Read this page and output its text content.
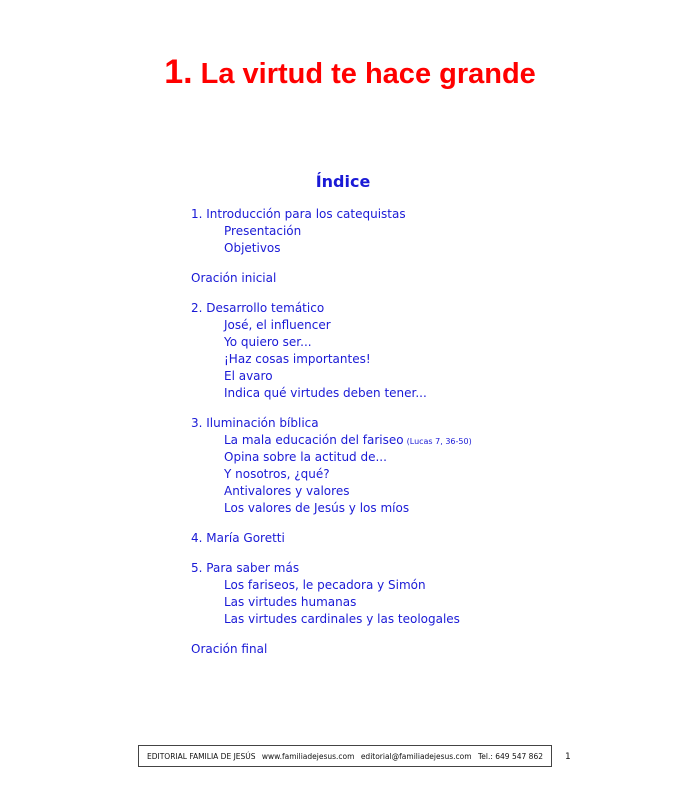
1. La virtud te hace grande
Índice
1. Introducción para los catequistas
Presentación
Objetivos
Oración inicial
2. Desarrollo temático
José, el influencer
Yo quiero ser...
¡Haz cosas importantes!
El avaro
Indica qué virtudes deben tener...
3. Iluminación bíblica
La mala educación del fariseo (Lucas 7, 36-50)
Opina sobre la actitud de...
Y nosotros, ¿qué?
Antivalores y valores
Los valores de Jesús y los míos
4. María Goretti
5. Para saber más
Los fariseos, le pecadora y Simón
Las virtudes humanas
Las virtudes cardinales y las teologales
Oración final
EDITORIAL FAMILIA DE JESÚS www.familiadejesus.com editorial@familiadejesus.com Tel.: 649 547 862 1
